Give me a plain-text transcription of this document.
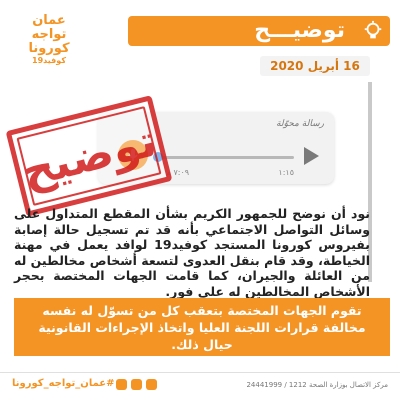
توضيـــح
عمان
تواجه كورونا
كوفيد19	16 أبريل 2020
رسالة محوّلة
١:١٥
٧:٠٩ م
توضيح
نود أن نوضح للجمهور الكريم بشأن المقطع المتداول على وسائل التواصل الاجتماعي بأنه قد تم تسجيل حالة إصابة بفيروس كورونا المستجد كوفيد19 لوافد يعمل في مهنة الخياطة، وقد قام بنقل العدوى لتسعة أشخاص مخالطين له من العائلة والجيران، كما قامت الجهات المختصة بحجر الأشخاص المخالطين له على فور.
تقوم الجهات المختصة بتعقب كل من تسوّل له نفسه مخالفة قرارات اللجنة العليا واتخاذ الإجراءات القانونية حيال ذلك.
#عمان_تواجه_كورونا	مركز الاتصال بوزارة الصحة 1212 / 24441999
